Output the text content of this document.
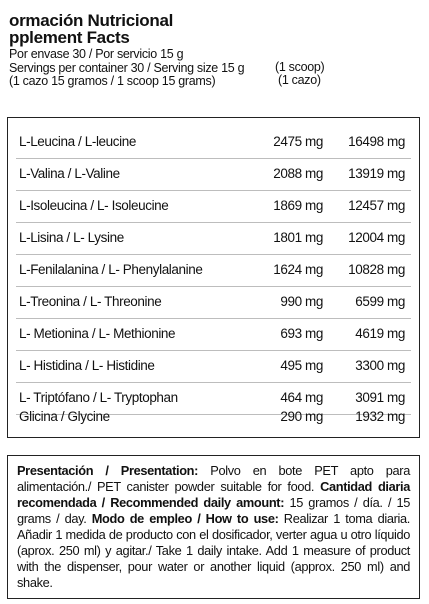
ormación Nutricional
pplement Facts
Por envase 30 / Por servicio 15 g
Servings per container 30 / Serving size 15 g
(1 cazo 15 gramos / 1 scoop 15 grams)
(1 scoop)
(1 cazo)
L-Leucina / L-leucine	2475 mg 16498 mg
L-Valina / L-Valine	2088 mg 13919 mg
L-Isoleucina / L- Isoleucine	1869 mg 12457 mg
L-Lisina / L- Lysine	1801 mg 12004 mg
L-Fenilalanina / L- Phenylalanine	1624 mg 10828 mg
L-Treonina / L- Threonine	990 mg 6599 mg
L- Metionina / L- Methionine	693 mg 4619 mg
L- Histidina / L- Histidine	495 mg 3300 mg
L- Triptófano / L- Tryptophan	464 mg 3091 mg
Glicina / Glycine	290 mg 1932 mg
Presentación / Presentation: Polvo en bote PET apto para alimentación./ PET canister powder suitable for food. Cantidad diaria recomendada / Recommended daily amount: 15 gramos / día. / 15 grams / day. Modo de empleo / How to use: Realizar 1 toma diaria. Añadir 1 medida de producto con el dosificador, verter agua u otro líquido (aprox. 250 ml) y agitar./ Take 1 daily intake. Add 1 measure of product with the dispenser, pour water or another liquid (approx. 250 ml) and shake.
